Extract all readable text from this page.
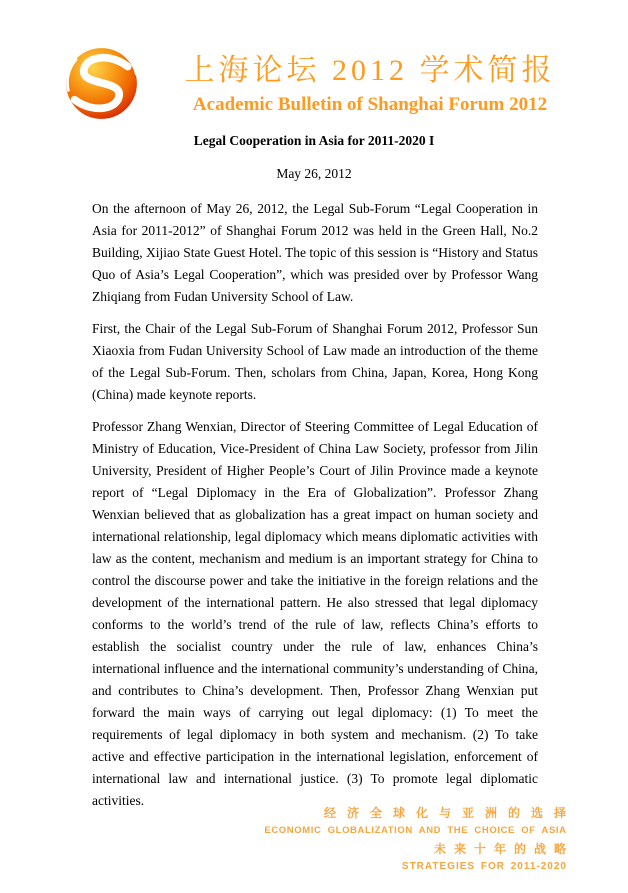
上海论坛 2012 学术简报
Academic Bulletin of Shanghai Forum 2012
Legal Cooperation in Asia for 2011-2020 I
May 26, 2012

On the afternoon of May 26, 2012, the Legal Sub-Forum “Legal Cooperation in Asia for 2011-2012” of Shanghai Forum 2012 was held in the Green Hall, No.2 Building, Xijiao State Guest Hotel. The topic of this session is “History and Status Quo of Asia’s Legal Cooperation”, which was presided over by Professor Wang Zhiqiang from Fudan University School of Law.

First, the Chair of the Legal Sub-Forum of Shanghai Forum 2012, Professor Sun Xiaoxia from Fudan University School of Law made an introduction of the theme of the Legal Sub-Forum. Then, scholars from China, Japan, Korea, Hong Kong (China) made keynote reports.

Professor Zhang Wenxian, Director of Steering Committee of Legal Education of Ministry of Education, Vice-President of China Law Society, professor from Jilin University, President of Higher People’s Court of Jilin Province made a keynote report of “Legal Diplomacy in the Era of Globalization”. Professor Zhang Wenxian believed that as globalization has a great impact on human society and international relationship, legal diplomacy which means diplomatic activities with law as the content, mechanism and medium is an important strategy for China to control the discourse power and take the initiative in the foreign relations and the development of the international pattern. He also stressed that legal diplomacy conforms to the world’s trend of the rule of law, reflects China’s efforts to establish the socialist country under the rule of law, enhances China’s international influence and the international community’s understanding of China, and contributes to China’s development. Then, Professor Zhang Wenxian put forward the main ways of carrying out legal diplomacy: (1) To meet the requirements of legal diplomacy in both system and mechanism. (2) To take active and effective participation in the international legislation, enforcement of international law and international justice. (3) To promote legal diplomatic activities.

经济全球化与亚洲的选择
ECONOMIC GLOBALIZATION AND THE CHOICE OF ASIA
未来十年的战略
STRATEGIES FOR 2011-2020
